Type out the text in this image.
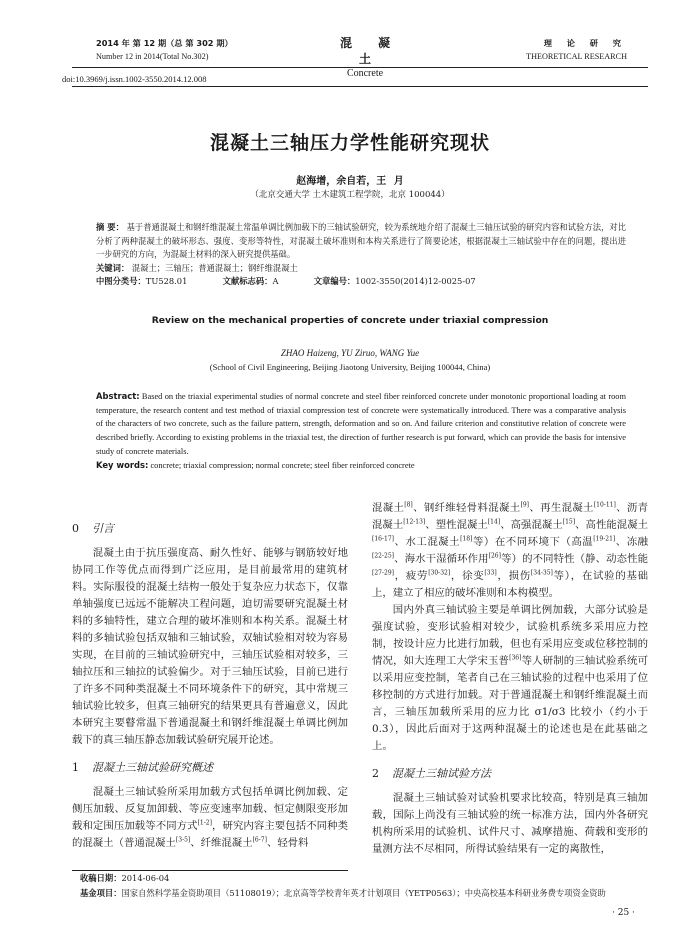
2014 年 第 12 期（总 第 302 期）
Number 12 in 2014(Total No.302)
混凝土
Concrete
理 论 研 究
THEORETICAL RESEARCH
doi:10.3969/j.issn.1002-3550.2014.12.008
混凝土三轴压力学性能研究现状
赵海增，余自若，王 月
（北京交通大学 土木建筑工程学院，北京 100044）
摘 要： 基于普通混凝土和钢纤维混凝土常温单调比例加载下的三轴试验研究，较为系统地介绍了混凝土三轴压试验的研究内容和试验方法，对比分析了两种混凝土的破坏形态、强度、变形等特性，对混凝土破坏准则和本构关系进行了简要论述，根据混凝土三轴试验中存在的问题，提出进一步研究的方向，为混凝土材料的深入研究提供基础。
关键词： 混凝土；三轴压；普通混凝土；钢纤维混凝土
中图分类号：TU528.01	文献标志码：A	文章编号：1002-3550(2014)12-0025-07
Review on the mechanical properties of concrete under triaxial compression
ZHAO Haizeng, YU Ziruo, WANG Yue
(School of Civil Engineering, Beijing Jiaotong University, Beijing 100044, China)
Abstract: Based on the triaxial experimental studies of normal concrete and steel fiber reinforced concrete under monotonic proportional loading at room temperature, the research content and test method of triaxial compression test of concrete were systematically introduced. There was a comparative analysis of the characters of two concrete, such as the failure pattern, strength, deformation and so on. And failure criterion and constitutive relation of concrete were described briefly. According to existing problems in the triaxial test, the direction of further research is put forward, which can provide the basis for intensive study of concrete materials.
Key words: concrete; triaxial compression; normal concrete; steel fiber reinforced concrete
0 引言

混凝土由于抗压强度高、耐久性好、能够与钢筋较好地协同工作等优点而得到广泛应用，是目前最常用的建筑材料。实际服役的混凝土结构一般处于复杂应力状态下，仅靠单轴强度已远远不能解决工程问题，迫切需要研究混凝土材料的多轴特性，建立合理的破坏准则和本构关系。混凝土材料的多轴试验包括双轴和三轴试验，双轴试验相对较为容易实现，在目前的三轴试验研究中，三轴压试验相对较多，三轴拉压和三轴拉的试验偏少。对于三轴压试验，目前已进行了许多不同种类混凝土不同环境条件下的研究，其中常规三轴试验比较多，但真三轴研究的结果更具有普遍意义，因此本研究主要瞽常温下普通混凝土和钢纤维混凝土单调比例加载下的真三轴压静态加载试验研究展开论述。

1 混凝土三轴试验研究概述

混凝土三轴试验所采用加载方式包括单调比例加载、定侧压加载、反复加卸载、等应变速率加载、恒定侧限变形加载和定围压加载等不同方式[1-2]，研究内容主要包括不同种类的混凝土（普通混凝土[3-5]、纤维混凝土[6-7]、轻骨料

混凝土[8]、钢纤维轻骨料混凝土[9]、再生混凝土[10-11]、沥青混凝土[12-13]、塑性混凝土[14]、高强混凝土[15]、高性能混凝土[16-17]、水工混凝土[18]等）在不同环境下（高温[19-21]、冻融[22-25]、海水干湿循环作用[26]等）的不同特性（静、动态性能[27-29]，疲劳[30-32]，徐变[33]，损伤[34-35]等），在试验的基础上，建立了相应的破坏准则和本构模型。

国内外真三轴试验主要是单调比例加载，大部分试验是强度试验，变形试验相对较少，试验机系统多采用应力控制，按设计应力比进行加载，但也有采用应变或位移控制的情况，如大连理工大学宋玉普[36]等人研制的三轴试验系统可以采用应变控制，笔者自己在三轴试验的过程中也采用了位移控制的方式进行加载。对于普通混凝土和钢纤维混凝土而言，三轴压加载所采用的应力比 σ1/σ3 比较小（约小于 0.3），因此后面对于这两种混凝土的论述也是在此基础之上。

2 混凝土三轴试验方法

混凝土三轴试验对试验机要求比较高，特别是真三轴加载，国际上尚没有三轴试验的统一标准方法，国内外各研究机构所采用的试验机、试件尺寸、减摩措施、荷载和变形的量测方法不尽相同，所得试验结果有一定的离散性，

收稿日期：2014-06-04
基金项目：国家自然科学基金资助项目（51108019）；北京高等学校青年英才计划项目（YETP0563）；中央高校基本科研业务费专项资金资助
· 25 ·
